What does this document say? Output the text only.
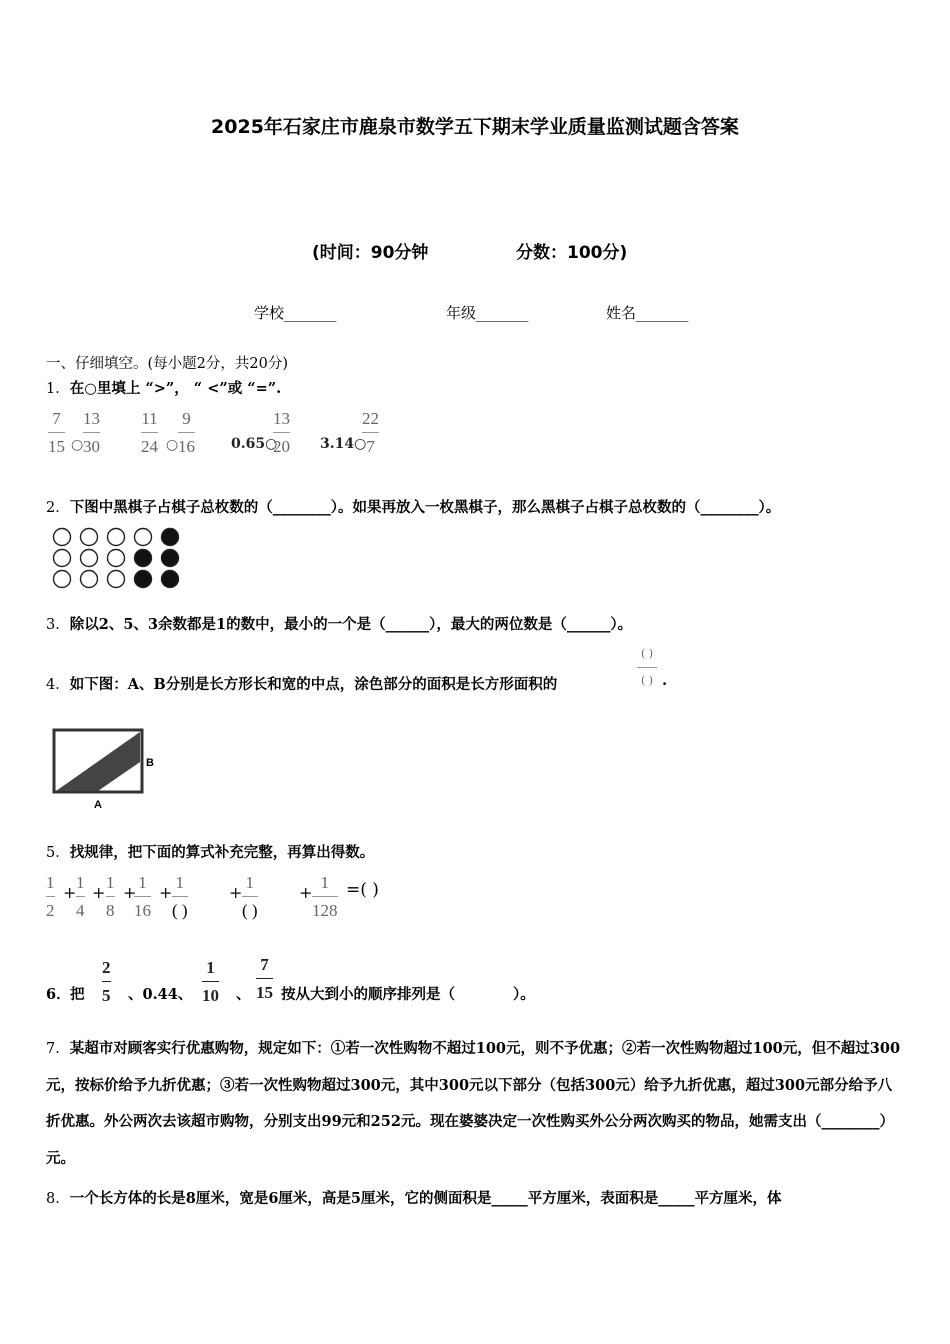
2025年石家庄市鹿泉市数学五下期末学业质量监测试题含答案
(时间：90分钟	分数：100分)
学校_______	年级_______	姓名_______
一、仔细填空。(每小题2分，共20分)
1．在○里填上 “>”， “ <”或 “=”.
7
15 ○
13
30
11
24 ○
9
16	0.65○
13
20 3.14○
22
7
2．下图中黑棋子占棋子总枚数的（________）。如果再放入一枚黑棋子，那么黑棋子占棋子总枚数的（________）。
3．除以2、5、3余数都是1的数中，最小的一个是（______），最大的两位数是（______）。
4．如下图：A、B分别是长方形长和宽的中点，涂色部分的面积是长方形面积的
( )
( ) .
A
B
5．找规律，把下面的算式补充完整，再算出得数。
1
2
+
1
4
+
1
8
+
1
16
+
1
( )
+
1
( )
+
1
128
=( )
6． 把
2
5 、0.44、
1
10 、
7
15 按从大到小的顺序排列是（　　　　）。
7．某超市对顾客实行优惠购物，规定如下：①若一次性购物不超过100元，则不予优惠；②若一次性购物超过100元，但不超过300元，按标价给予九折优惠；③若一次性购物超过300元，其中300元以下部分（包括300元）给予九折优惠，超过300元部分给予八折优惠。外公两次去该超市购物，分别支出99元和252元。现在婆婆决定一次性购买外公分两次购买的物品，她需支出（________）元。
8．一个长方体的长是8厘米，宽是6厘米，高是5厘米，它的侧面积是_____平方厘米，表面积是_____平方厘米，体
